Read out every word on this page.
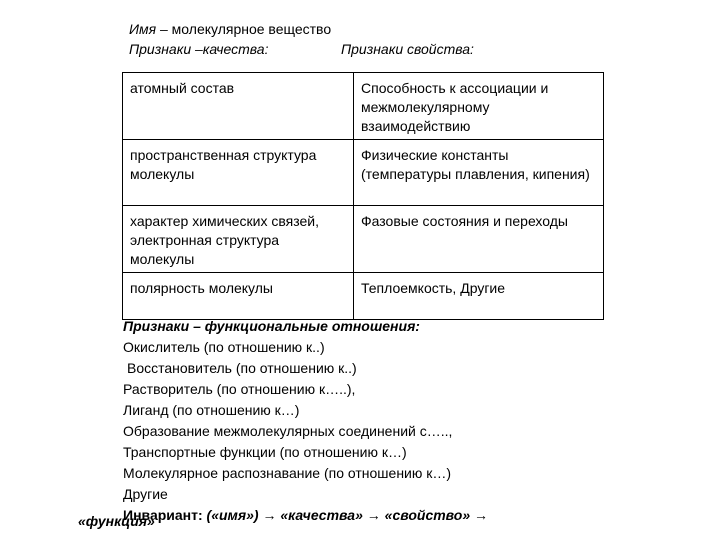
Имя – молекулярное вещество
Признаки –качества:	Признаки свойства:
атомный состав	Способность к ассоциации и межмолекулярному взаимодействию
пространственная структура молекулы	Физические константы (температуры плавления, кипения)
характер химических связей, электронная структура молекулы	Фазовые состояния и переходы
полярность молекулы	Теплоемкость, Другие
Признаки – функциональные отношения:
Окислитель (по отношению к..)
Восстановитель (по отношению к..)
Растворитель (по отношению к…..),
Лиганд (по отношению к…)
Образование межмолекулярных соединений с…..,
Транспортные функции (по отношению к…)
Молекулярное распознавание (по отношению к…)
Другие
Инвариант: («имя») → «качества» → «свойство» →
«функция»
